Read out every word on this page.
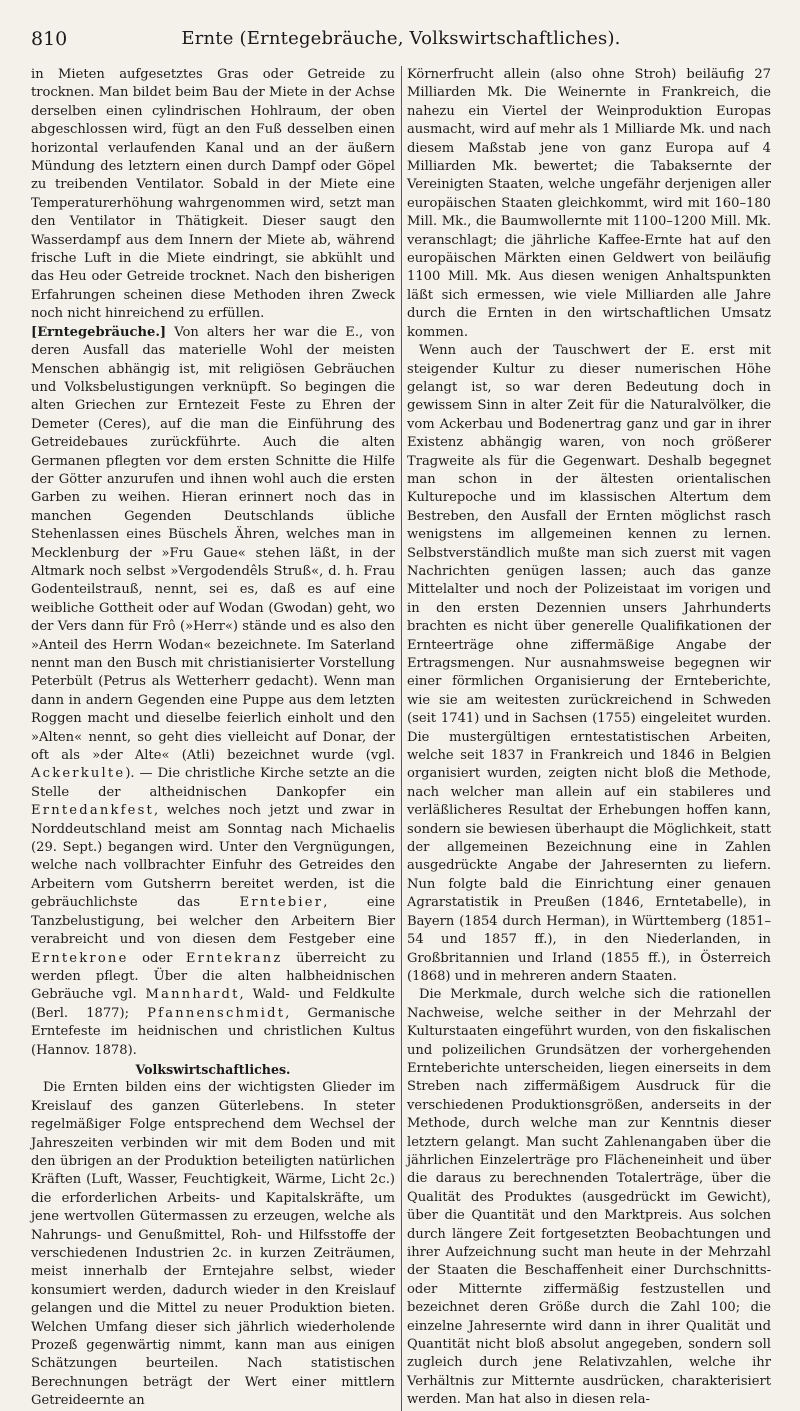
810	Ernte (Erntegebräuche, Volkswirtschaftliches).

in Mieten aufgesetztes Gras oder Getreide zu trocknen. Man bildet beim Bau der Miete in der Achse derselben einen cylindrischen Hohlraum, der oben abgeschlossen wird, fügt an den Fuß desselben einen horizontal verlaufenden Kanal und an der äußern Mündung des letztern einen durch Dampf oder Göpel zu treibenden Ventilator. Sobald in der Miete eine Temperaturerhöhung wahrgenommen wird, setzt man den Ventilator in Thätigkeit. Dieser saugt den Wasserdampf aus dem Innern der Miete ab, während frische Luft in die Miete eindringt, sie abkühlt und das Heu oder Getreide trocknet. Nach den bisherigen Erfahrungen scheinen diese Methoden ihren Zweck noch nicht hinreichend zu erfüllen.

[Erntegebräuche.] Von alters her war die E., von deren Ausfall das materielle Wohl der meisten Menschen abhängig ist, mit religiösen Gebräuchen und Volksbelustigungen verknüpft. So begingen die alten Griechen zur Erntezeit Feste zu Ehren der Demeter (Ceres), auf die man die Einführung des Getreidebaues zurückführte. Auch die alten Germanen pflegten vor dem ersten Schnitte die Hilfe der Götter anzurufen und ihnen wohl auch die ersten Garben zu weihen. Hieran erinnert noch das in manchen Gegenden Deutschlands übliche Stehenlassen eines Büschels Ähren, welches man in Mecklenburg der »Fru Gaue« stehen läßt, in der Altmark noch selbst »Vergodendêls Struß«, d. h. Frau Godenteilstrauß, nennt, sei es, daß es auf eine weibliche Gottheit oder auf Wodan (Gwodan) geht, wo der Vers dann für Frô (»Herr«) stände und es also den »Anteil des Herrn Wodan« bezeichnete. Im Saterland nennt man den Busch mit christianisierter Vorstellung Peterbült (Petrus als Wetterherr gedacht). Wenn man dann in andern Gegenden eine Puppe aus dem letzten Roggen macht und dieselbe feierlich einholt und den »Alten« nennt, so geht dies vielleicht auf Donar, der oft als »der Alte« (Atli) bezeichnet wurde (vgl. Ackerkulte). — Die christliche Kirche setzte an die Stelle der altheidnischen Dankopfer ein Erntedankfest, welches noch jetzt und zwar in Norddeutschland meist am Sonntag nach Michaelis (29. Sept.) begangen wird. Unter den Vergnügungen, welche nach vollbrachter Einfuhr des Getreides den Arbeitern vom Gutsherrn bereitet werden, ist die gebräuchlichste das Erntebier, eine Tanzbelustigung, bei welcher den Arbeitern Bier verabreicht und von diesen dem Festgeber eine Erntekrone oder Erntekranz überreicht zu werden pflegt. Über die alten halbheidnischen Gebräuche vgl. Mannhardt, Wald- und Feldkulte (Berl. 1877); Pfannenschmidt, Germanische Erntefeste im heidnischen und christlichen Kultus (Hannov. 1878).

Volkswirtschaftliches.

Die Ernten bilden eins der wichtigsten Glieder im Kreislauf des ganzen Güterlebens. In steter regelmäßiger Folge entsprechend dem Wechsel der Jahreszeiten verbinden wir mit dem Boden und mit den übrigen an der Produktion beteiligten natürlichen Kräften (Luft, Wasser, Feuchtigkeit, Wärme, Licht 2c.) die erforderlichen Arbeits- und Kapitalskräfte, um jene wertvollen Gütermassen zu erzeugen, welche als Nahrungs- und Genußmittel, Roh- und Hilfsstoffe der verschiedenen Industrien 2c. in kurzen Zeiträumen, meist innerhalb der Erntejahre selbst, wieder konsumiert werden, dadurch wieder in den Kreislauf gelangen und die Mittel zu neuer Produktion bieten. Welchen Umfang dieser sich jährlich wiederholende Prozeß gegenwärtig nimmt, kann man aus einigen Schätzungen beurteilen. Nach statistischen Berechnungen beträgt der Wert einer mittlern Getreideernte an

Körnerfrucht allein (also ohne Stroh) beiläufig 27 Milliarden Mk. Die Weinernte in Frankreich, die nahezu ein Viertel der Weinproduktion Europas ausmacht, wird auf mehr als 1 Milliarde Mk. und nach diesem Maßstab jene von ganz Europa auf 4 Milliarden Mk. bewertet; die Tabaksernte der Vereinigten Staaten, welche ungefähr derjenigen aller europäischen Staaten gleichkommt, wird mit 160–180 Mill. Mk., die Baumwollernte mit 1100–1200 Mill. Mk. veranschlagt; die jährliche Kaffee-Ernte hat auf den europäischen Märkten einen Geldwert von beiläufig 1100 Mill. Mk. Aus diesen wenigen Anhaltspunkten läßt sich ermessen, wie viele Milliarden alle Jahre durch die Ernten in den wirtschaftlichen Umsatz kommen.

Wenn auch der Tauschwert der E. erst mit steigender Kultur zu dieser numerischen Höhe gelangt ist, so war deren Bedeutung doch in gewissem Sinn in alter Zeit für die Naturalvölker, die vom Ackerbau und Bodenertrag ganz und gar in ihrer Existenz abhängig waren, von noch größerer Tragweite als für die Gegenwart. Deshalb begegnet man schon in der ältesten orientalischen Kulturepoche und im klassischen Altertum dem Bestreben, den Ausfall der Ernten möglichst rasch wenigstens im allgemeinen kennen zu lernen. Selbstverständlich mußte man sich zuerst mit vagen Nachrichten genügen lassen; auch das ganze Mittelalter und noch der Polizeistaat im vorigen und in den ersten Dezennien unsers Jahrhunderts brachten es nicht über generelle Qualifikationen der Ernteerträge ohne ziffermäßige Angabe der Ertragsmengen. Nur ausnahmsweise begegnen wir einer förmlichen Organisierung der Ernteberichte, wie sie am weitesten zurückreichend in Schweden (seit 1741) und in Sachsen (1755) eingeleitet wurden. Die mustergültigen erntestatistischen Arbeiten, welche seit 1837 in Frankreich und 1846 in Belgien organisiert wurden, zeigten nicht bloß die Methode, nach welcher man allein auf ein stabileres und verläßlicheres Resultat der Erhebungen hoffen kann, sondern sie bewiesen überhaupt die Möglichkeit, statt der allgemeinen Bezeichnung eine in Zahlen ausgedrückte Angabe der Jahresernten zu liefern. Nun folgte bald die Einrichtung einer genauen Agrarstatistik in Preußen (1846, Erntetabelle), in Bayern (1854 durch Herman), in Württemberg (1851–54 und 1857 ff.), in den Niederlanden, in Großbritannien und Irland (1855 ff.), in Österreich (1868) und in mehreren andern Staaten.

Die Merkmale, durch welche sich die rationellen Nachweise, welche seither in der Mehrzahl der Kulturstaaten eingeführt wurden, von den fiskalischen und polizeilichen Grundsätzen der vorhergehenden Ernteberichte unterscheiden, liegen einerseits in dem Streben nach ziffermäßigem Ausdruck für die verschiedenen Produktionsgrößen, anderseits in der Methode, durch welche man zur Kenntnis dieser letztern gelangt. Man sucht Zahlenangaben über die jährlichen Einzelerträge pro Flächeneinheit und über die daraus zu berechnenden Totalerträge, über die Qualität des Produktes (ausgedrückt im Gewicht), über die Quantität und den Marktpreis. Aus solchen durch längere Zeit fortgesetzten Beobachtungen und ihrer Aufzeichnung sucht man heute in der Mehrzahl der Staaten die Beschaffenheit einer Durchschnitts- oder Mitternte ziffermäßig festzustellen und bezeichnet deren Größe durch die Zahl 100; die einzelne Jahresernte wird dann in ihrer Qualität und Quantität nicht bloß absolut angegeben, sondern soll zugleich durch jene Relativzahlen, welche ihr Verhältnis zur Mitternte ausdrücken, charakterisiert werden. Man hat also in diesen rela-
